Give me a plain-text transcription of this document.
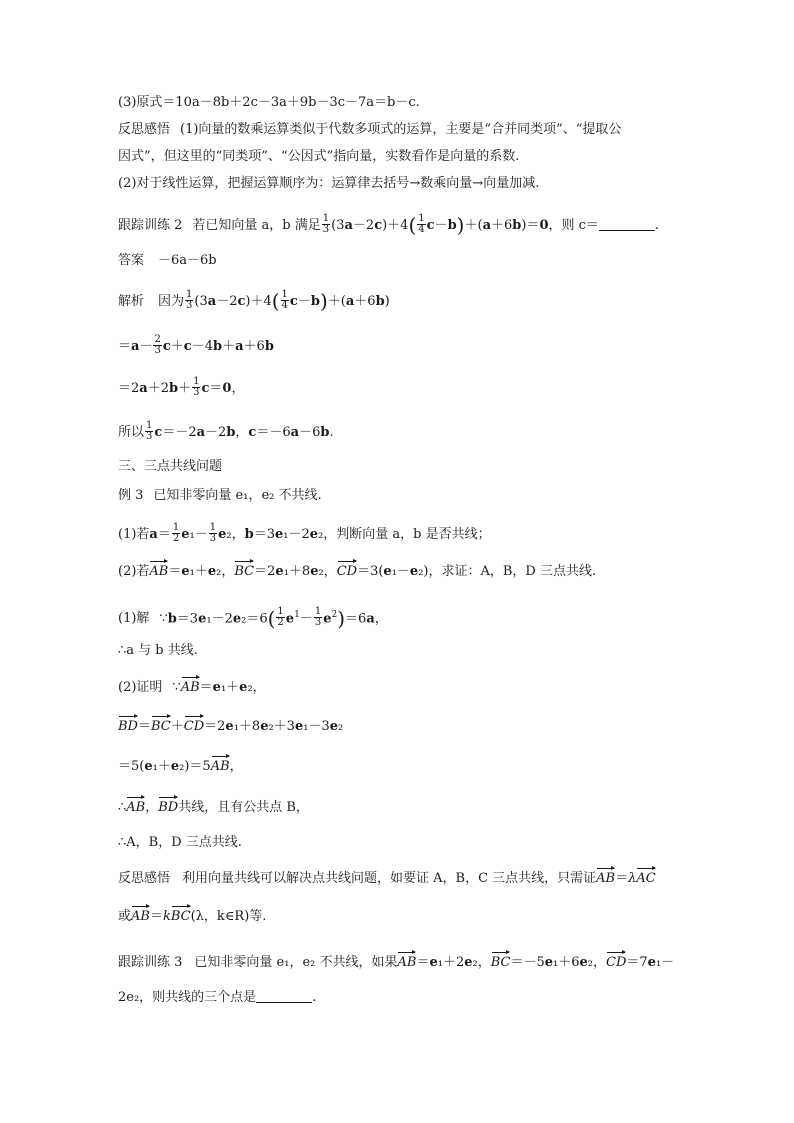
(3)原式＝10a－8b＋2c－3a＋9b－3c－7a＝b－c.
反思感悟 (1)向量的数乘运算类似于代数多项式的运算，主要是“合并同类项”、“提取公
因式”，但这里的“同类项”、“公因式”指向量，实数看作是向量的系数.
(2)对于线性运算，把握运算顺序为：运算律去括号→数乘向量→向量加减.
跟踪训练 2 若已知向量 a，b 满足 $\frac{1}{3} (3a-2c)+4( \frac{1}{4} c-b)+(a+6b)=0$，则 c＝	.
答案 －6a－6b
解析 因为 $\frac{1}{3} (3a-2c)+4( \frac{1}{4} c-b)+(a+6b)$
$=a- \frac{2}{3} c+c-4b+a+6b$
$=2a+2b+ \frac{1}{3} c=0$，
所以 $\frac{1}{3} c=-2a-2b$，c＝－6a－6b.
三、三点共线问题
例 3 已知非零向量 e₁，e₂ 不共线.
(1)若$a= \frac{1}{2} e_1- \frac{1}{3} e_2$，b＝3e₁－2e₂，判断向量 a，b 是否共线；
(2)若AB＝e₁＋e₂，BC＝2e₁＋8e₂，CD＝3(e₁－e₂)，求证：A，B，D 三点共线.
(1)解 ∵b＝3e₁－2e₂＝6( $\frac{1}{2} e^1- \frac{1}{3} e^2)=6a$，
∴a 与 b 共线.
(2)证明 ∵AB＝e₁＋e₂，
BD＝BC＋CD＝2e₁＋8e₂＋3e₁－3e₂
＝5(e₁＋e₂)＝5AB，
∴AB，BD共线，且有公共点 B，
∴A，B，D 三点共线.
反思感悟 利用向量共线可以解决点共线问题，如要证 A，B，C 三点共线，只需证AB＝λAC
或AB＝kBC(λ，k∈R)等.
跟踪训练 3 已知非零向量 e₁，e₂ 不共线，如果AB＝e₁＋2e₂，BC＝－5e₁＋6e₂，CD＝7e₁－
2e₂，则共线的三个点是	.
